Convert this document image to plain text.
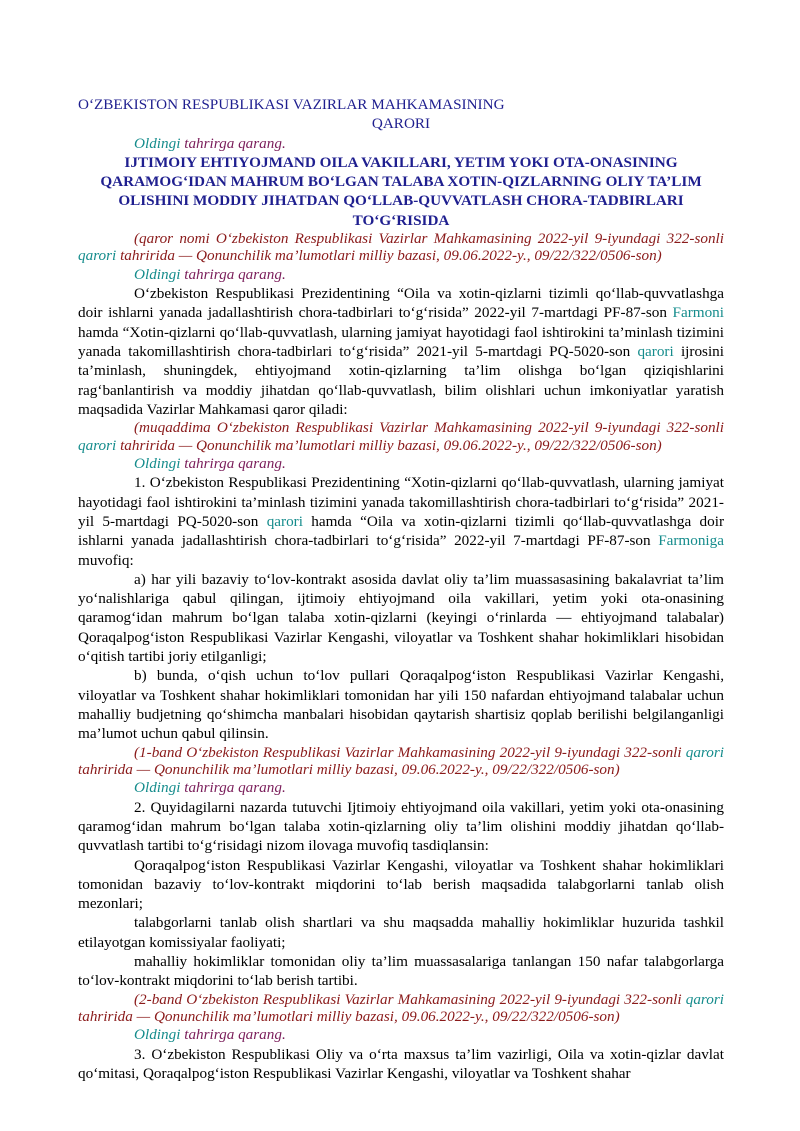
O‘ZBEKISTON RESPUBLIKASI VAZIRLAR MAHKAMASINING
QARORI
Oldingi tahrirga qarang.
IJTIMOIY EHTIYOJMAND OILA VAKILLARI, YETIM YOKI OTA-ONASINING QARAMOG‘IDAN MAHRUM BO‘LGAN TALABA XOTIN-QIZLARNING OLIY TA’LIM OLISHINI MODDIY JIHATDAN QO‘LLAB-QUVVATLASH CHORA-TADBIRLARI TO‘G‘RISIDA

(qaror nomi O‘zbekiston Respublikasi Vazirlar Mahkamasining 2022-yil 9-iyundagi 322-sonli qarori tahririda — Qonunchilik ma’lumotlari milliy bazasi, 09.06.2022-y., 09/22/322/0506-son)

Oldingi tahrirga qarang.

O‘zbekiston Respublikasi Prezidentining “Oila va xotin-qizlarni tizimli qo‘llab-quvvatlashga doir ishlarni yanada jadallashtirish chora-tadbirlari to‘g‘risida” 2022-yil 7-martdagi PF-87-son Farmoni hamda “Xotin-qizlarni qo‘llab-quvvatlash, ularning jamiyat hayotidagi faol ishtirokini ta’minlash tizimini yanada takomillashtirish chora-tadbirlari to‘g‘risida” 2021-yil 5-martdagi PQ-5020-son qarori ijrosini ta’minlash, shuningdek, ehtiyojmand xotin-qizlarning ta’lim olishga bo‘lgan qiziqishlarini rag‘banlantirish va moddiy jihatdan qo‘llab-quvvatlash, bilim olishlari uchun imkoniyatlar yaratish maqsadida Vazirlar Mahkamasi qaror qiladi:

(muqaddima O‘zbekiston Respublikasi Vazirlar Mahkamasining 2022-yil 9-iyundagi 322-sonli qarori tahririda — Qonunchilik ma’lumotlari milliy bazasi, 09.06.2022-y., 09/22/322/0506-son)

Oldingi tahrirga qarang.

1. O‘zbekiston Respublikasi Prezidentining “Xotin-qizlarni qo‘llab-quvvatlash, ularning jamiyat hayotidagi faol ishtirokini ta’minlash tizimini yanada takomillashtirish chora-tadbirlari to‘g‘risida” 2021-yil 5-martdagi PQ-5020-son qarori hamda “Oila va xotin-qizlarni tizimli qo‘llab-quvvatlashga doir ishlarni yanada jadallashtirish chora-tadbirlari to‘g‘risida” 2022-yil 7-martdagi PF-87-son Farmoniga muvofiq:

a) har yili bazaviy to‘lov-kontrakt asosida davlat oliy ta’lim muassasasining bakalavriat ta’lim yo‘nalishlariga qabul qilingan, ijtimoiy ehtiyojmand oila vakillari, yetim yoki ota-onasining qaramog‘idan mahrum bo‘lgan talaba xotin-qizlarni (keyingi o‘rinlarda — ehtiyojmand talabalar) Qoraqalpog‘iston Respublikasi Vazirlar Kengashi, viloyatlar va Toshkent shahar hokimliklari hisobidan o‘qitish tartibi joriy etilganligi;

b) bunda, o‘qish uchun to‘lov pullari Qoraqalpog‘iston Respublikasi Vazirlar Kengashi, viloyatlar va Toshkent shahar hokimliklari tomonidan har yili 150 nafardan ehtiyojmand talabalar uchun mahalliy budjetning qo‘shimcha manbalari hisobidan qaytarish shartisiz qoplab berilishi belgilanganligi ma’lumot uchun qabul qilinsin.

(1-band O‘zbekiston Respublikasi Vazirlar Mahkamasining 2022-yil 9-iyundagi 322-sonli qarori tahririda — Qonunchilik ma’lumotlari milliy bazasi, 09.06.2022-y., 09/22/322/0506-son)

Oldingi tahrirga qarang.

2. Quyidagilarni nazarda tutuvchi Ijtimoiy ehtiyojmand oila vakillari, yetim yoki ota-onasining qaramog‘idan mahrum bo‘lgan talaba xotin-qizlarning oliy ta’lim olishini moddiy jihatdan qo‘llab-quvvatlash tartibi to‘g‘risidagi nizom ilovaga muvofiq tasdiqlansin:

Qoraqalpog‘iston Respublikasi Vazirlar Kengashi, viloyatlar va Toshkent shahar hokimliklari tomonidan bazaviy to‘lov-kontrakt miqdorini to‘lab berish maqsadida talabgorlarni tanlab olish mezonlari;

talabgorlarni tanlab olish shartlari va shu maqsadda mahalliy hokimliklar huzurida tashkil etilayotgan komissiyalar faoliyati;

mahalliy hokimliklar tomonidan oliy ta’lim muassasalariga tanlangan 150 nafar talabgorlarga to‘lov-kontrakt miqdorini to‘lab berish tartibi.

(2-band O‘zbekiston Respublikasi Vazirlar Mahkamasining 2022-yil 9-iyundagi 322-sonli qarori tahririda — Qonunchilik ma’lumotlari milliy bazasi, 09.06.2022-y., 09/22/322/0506-son)

Oldingi tahrirga qarang.

3. O‘zbekiston Respublikasi Oliy va o‘rta maxsus ta’lim vazirligi, Oila va xotin-qizlar davlat qo‘mitasi, Qoraqalpog‘iston Respublikasi Vazirlar Kengashi, viloyatlar va Toshkent shahar
